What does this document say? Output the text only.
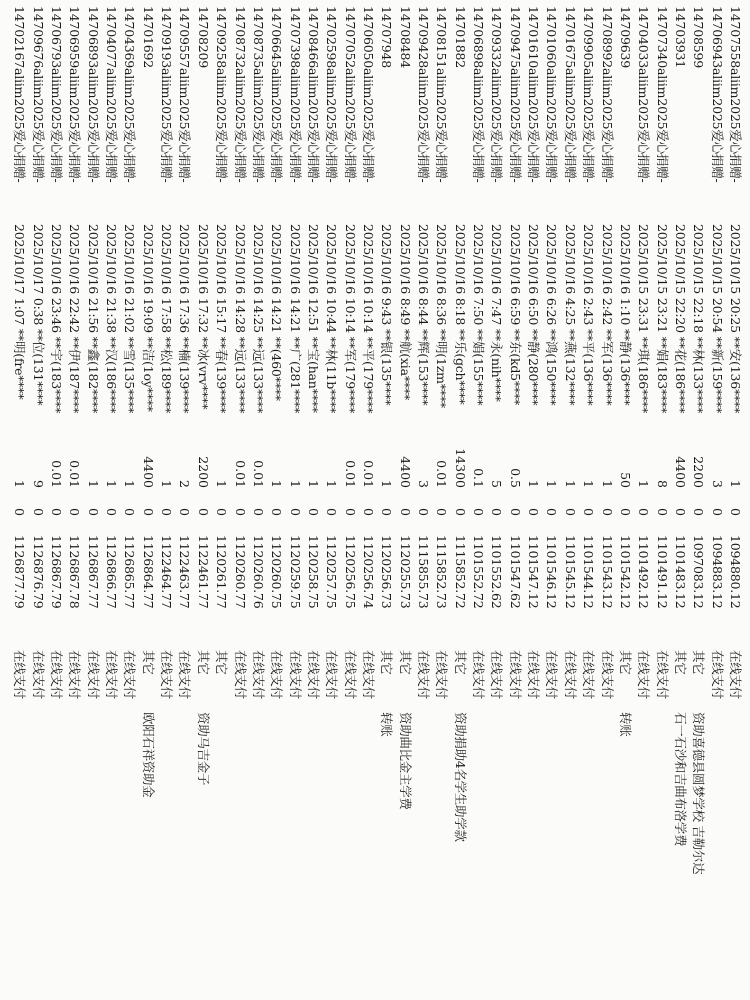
14707558aliim2025爱心捐赠-
2025/10/15 20:25 **安(136****
1
0
1094880.12
在线支付
14706943aliim2025爱心捐赠-
2025/10/15 20:54 **新(159****
3
0
1094883.12
在线支付
14708599
2025/10/15 22:18 **林(133****
2200
0
1097083.12
其它
资助喜德县圆梦学校 吉勒尔达
14703931
2025/10/15 22:20 **花(186****
4400
0
1101483.12
其它
石一石沙和吉曲布洛学费
14707340aliim2025爱心捐赠-
2025/10/15 23:21 **娟(183****
8
0
1101491.12
在线支付
14704033aliim2025爱心捐赠-
2025/10/15 23:31 **琪(186****
1
0
1101492.12
在线支付
14709639
2025/10/16 1:10 **静(136****
50
0
1101542.12
其它
转账
14708992aliim2025爱心捐赠-
2025/10/16 2:42 **军(136****
1
0
1101543.12
在线支付
14709905aliim2025爱心捐赠-
2025/10/16 2:43 **平(136****
1
0
1101544.12
在线支付
14701675aliim2025爱心捐赠-
2025/10/16 4:25 **燕(132****
1
0
1101545.12
在线支付
14701060aliim2025爱心捐赠-
2025/10/16 6:26 **鸿(150****
1
0
1101546.12
在线支付
14701610aliim2025爱心捐赠-
2025/10/16 6:50 **静(280****
1
0
1101547.12
在线支付
14709475aliim2025爱心捐赠-
2025/10/16 6:59 **东(kd5****
0.5
0
1101547.62
在线支付
14709332aliim2025爱心捐赠-
2025/10/16 7:47 **永(nih****
5
0
1101552.62
在线支付
14706898aliim2025爱心捐赠-
2025/10/16 7:50 **娟(155****
0.1
0
1101552.72
在线支付
14701882
2025/10/16 8:18 **乐(gch****
14300
0
1115852.72
其它
资助捐助4名学生助学款
14708151aliim2025爱心捐赠-
2025/10/16 8:36 **明(1zm****
0.01
0
1115852.73
在线支付
14709428aliim2025爱心捐赠-
2025/10/16 8:44 **辉(153****
3
0
1115855.73
在线支付
14708484
2025/10/16 8:49 **航(xia****
4400
0
1120255.73
其它
资助曲比金主学费
14707948
2025/10/16 9:43 **银(135****
1
0
1120256.73
其它
转账
14706050aliim2025爱心捐赠-
2025/10/16 10:14 **平(179****
0.01
0
1120256.74
在线支付
14707052aliim2025爱心捐赠-
2025/10/16 10:14 **军(179****
0.01
0
1120256.75
在线支付
14702598aliim2025爱心捐赠-
2025/10/16 10:44 **林(11b****
1
0
1120257.75
在线支付
14708466aliim2025爱心捐赠-
2025/10/16 12:51 **宝(han****
1
0
1120258.75
在线支付
14707398aliim2025爱心捐赠-
2025/10/16 14:21 **广(281****
1
0
1120259.75
在线支付
14706645aliim2025爱心捐赠-
2025/10/16 14:21 **(460****
1
0
1120260.75
在线支付
14708735aliim2025爱心捐赠-
2025/10/16 14:25 **远(133****
0.01
0
1120260.76
在线支付
14708732aliim2025爱心捐赠-
2025/10/16 14:28 **远(133****
0.01
0
1120260.77
在线支付
14709258aliim2025爱心捐赠-
2025/10/16 15:17 **春(139****
1
0
1120261.77
其它
14708209
2025/10/16 17:32 **冰(vrv****
2200
0
1122461.77
其它
资助马吉金子
14709557aliim2025爱心捐赠-
2025/10/16 17:36 **楠(139****
2
0
1122463.77
在线支付
14709193aliim2025爱心捐赠-
2025/10/16 17:58 **松(189****
1
0
1122464.77
在线支付
14701692
2025/10/16 19:09 **洁(1oy****
4400
0
1126864.77
其它
欧阳石祥资助金
14704369aliim2025爱心捐赠-
2025/10/16 21:02 **雪(135****
1
0
1126865.77
在线支付
14704077aliim2025爱心捐赠-
2025/10/16 21:38 **汉(186****
1
0
1126866.77
在线支付
14706893aliim2025爱心捐赠-
2025/10/16 21:56 **鑫(182****
1
0
1126867.77
在线支付
14706959aliim2025爱心捐赠-
2025/10/16 22:42 **伊(187****
0.01
0
1126867.78
在线支付
14706793aliim2025爱心捐赠-
2025/10/16 23:46 **宇(183****
0.01
0
1126867.79
在线支付
14709676aliim2025爱心捐赠-
2025/10/17 0:38 **位(131****
9
0
1126876.79
在线支付
14702167aliim2025爱心捐赠-
2025/10/17 1:07 **明(fre****
1
0
1126877.79
在线支付
